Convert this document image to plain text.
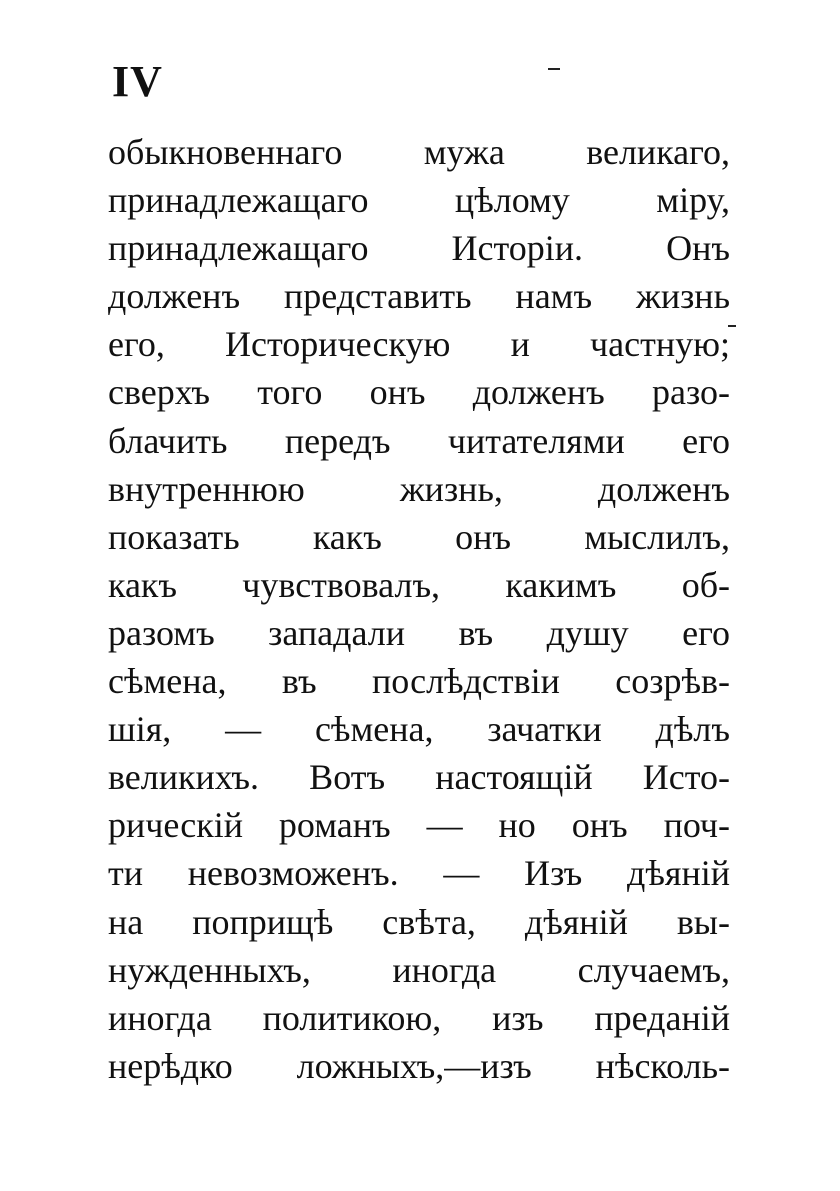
IV
обыкновеннаго мужа великаго,
принадлежащаго цѣлому міру,
принадлежащаго Исторіи. Онъ
долженъ представить намъ жизнь
его, Историческую и частную;
сверхъ того онъ долженъ разо-
блачить передъ читателями его
внутреннюю жизнь, долженъ
показать какъ онъ мыслилъ,
какъ чувствовалъ, какимъ об-
разомъ западали въ душу его
сѣмена, въ послѣдствіи созрѣв-
шія, — сѣмена, зачатки дѣлъ
великихъ. Вотъ настоящій Исто-
рическій романъ — но онъ поч-
ти невозможенъ. — Изъ дѣяній
на поприщѣ свѣта, дѣяній вы-
нужденныхъ, иногда случаемъ,
иногда политикою, изъ преданій
нерѣдко ложныхъ,—изъ нѣсколь-
